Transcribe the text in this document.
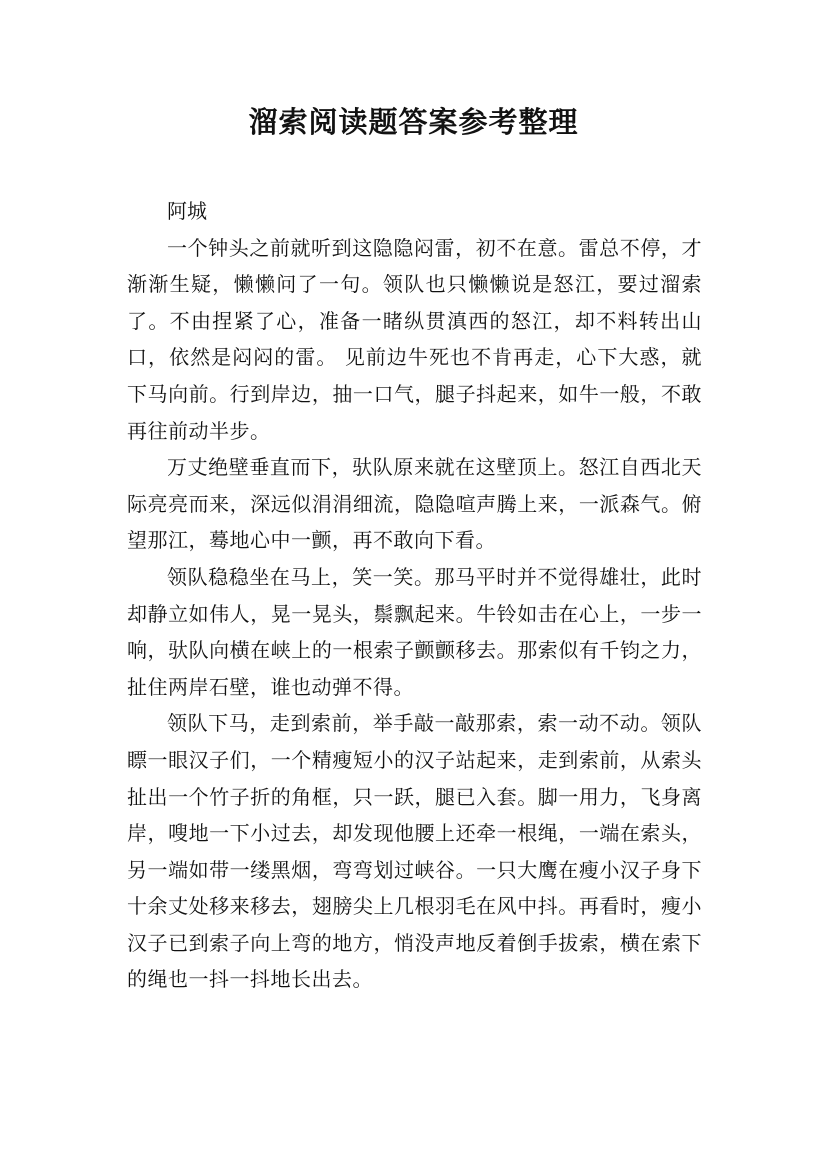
溜索阅读题答案参考整理

阿城

一个钟头之前就听到这隐隐闷雷，初不在意。雷总不停，才渐渐生疑，懒懒问了一句。领队也只懒懒说是怒江，要过溜索了。不由捏紧了心，准备一睹纵贯滇西的怒江，却不料转出山口，依然是闷闷的雷。 见前边牛死也不肯再走，心下大惑，就下马向前。行到岸边，抽一口气，腿子抖起来，如牛一般，不敢再往前动半步。

万丈绝壁垂直而下，驮队原来就在这壁顶上。怒江自西北天际亮亮而来，深远似涓涓细流，隐隐喧声腾上来，一派森气。俯望那江，蓦地心中一颤，再不敢向下看。

领队稳稳坐在马上，笑一笑。那马平时并不觉得雄壮，此时却静立如伟人，晃一晃头，鬃飘起来。牛铃如击在心上，一步一响，驮队向横在峡上的一根索子颤颤移去。那索似有千钧之力，扯住两岸石壁，谁也动弹不得。

领队下马，走到索前，举手敲一敲那索，索一动不动。领队瞟一眼汉子们，一个精瘦短小的汉子站起来，走到索前，从索头扯出一个竹子折的角框，只一跃，腿已入套。脚一用力，飞身离岸，嗖地一下小过去，却发现他腰上还牵一根绳，一端在索头，另一端如带一缕黑烟，弯弯划过峡谷。一只大鹰在瘦小汉子身下十余丈处移来移去，翅膀尖上几根羽毛在风中抖。再看时，瘦小汉子已到索子向上弯的地方，悄没声地反着倒手拔索，横在索下的绳也一抖一抖地长出去。
